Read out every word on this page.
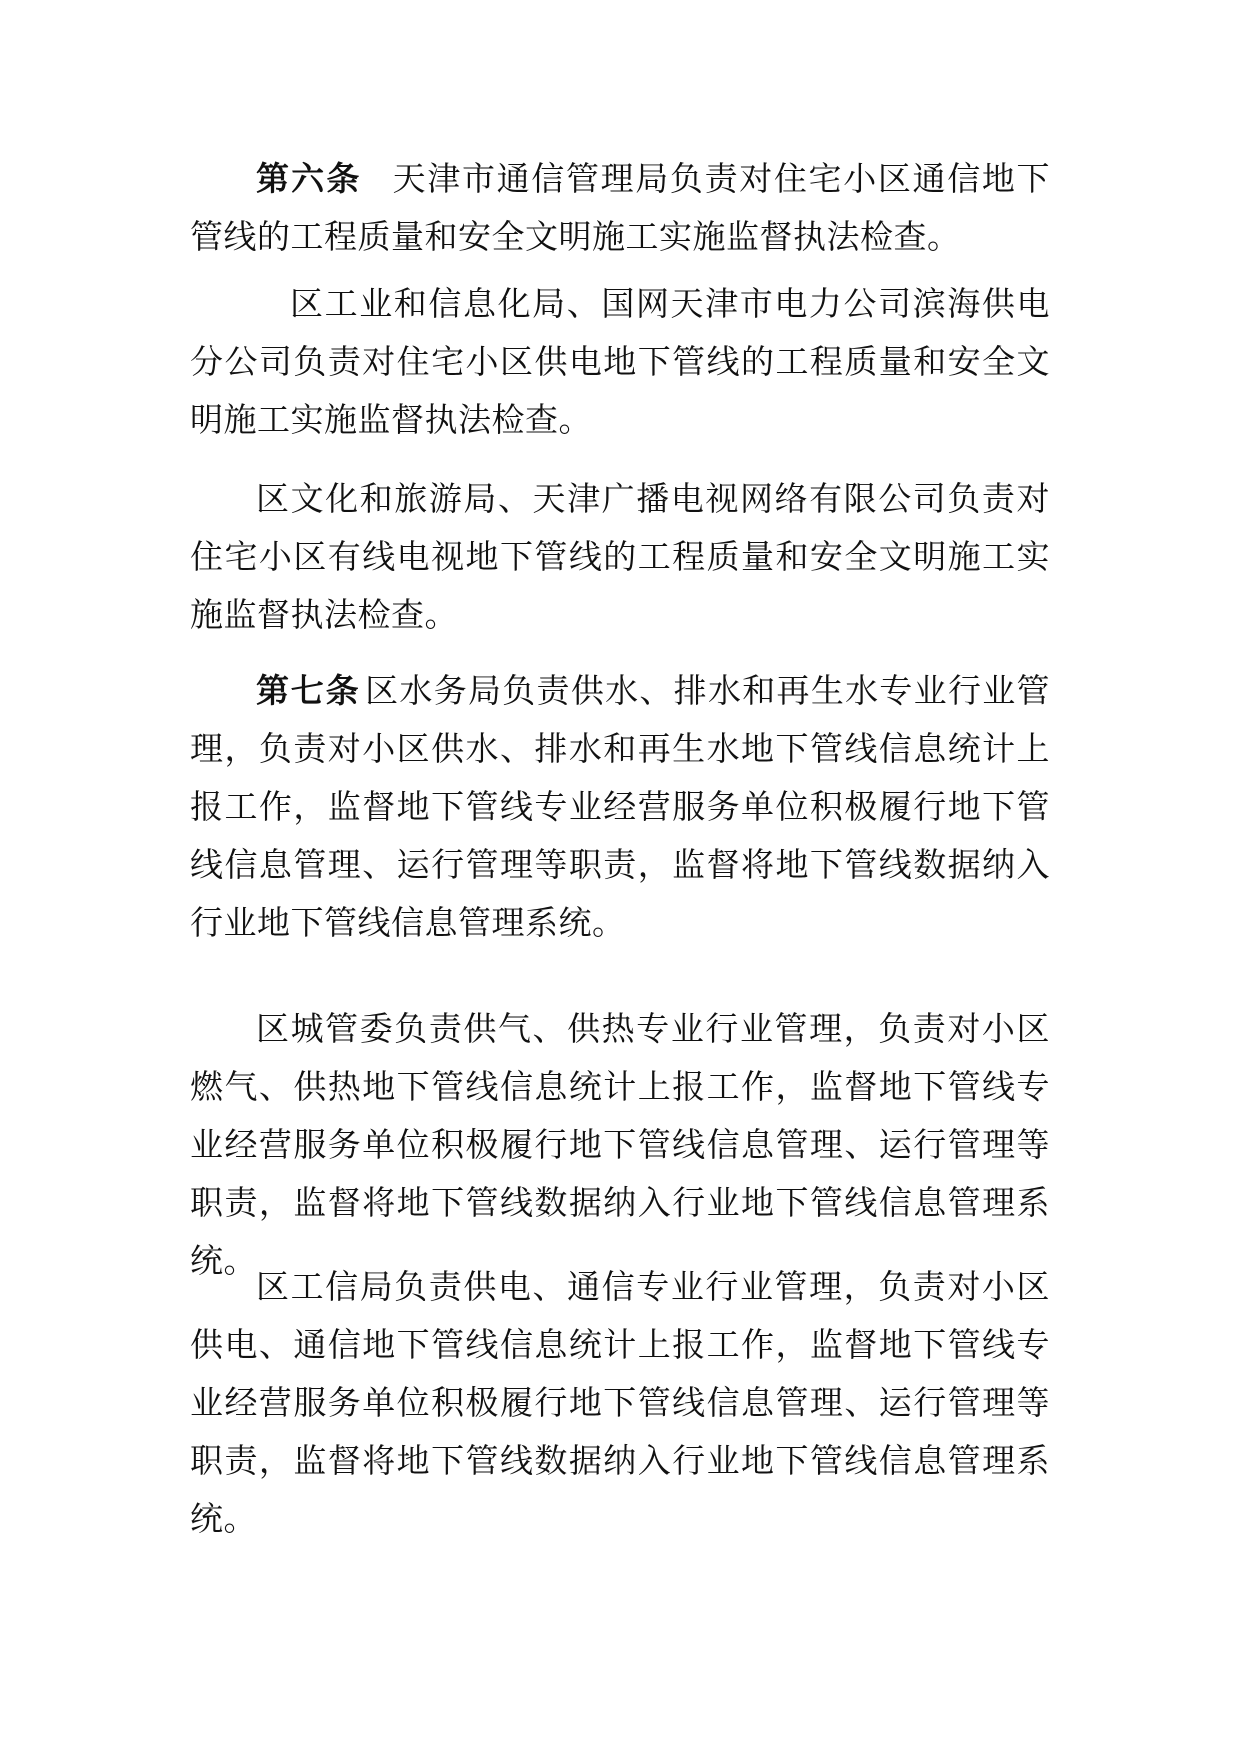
第六条 天津市通信管理局负责对住宅小区通信地下管线的工程质量和安全文明施工实施监督执法检查。

区工业和信息化局、国网天津市电力公司滨海供电分公司负责对住宅小区供电地下管线的工程质量和安全文明施工实施监督执法检查。

区文化和旅游局、天津广播电视网络有限公司负责对住宅小区有线电视地下管线的工程质量和安全文明施工实施监督执法检查。

第七条 区水务局负责供水、排水和再生水专业行业管理，负责对小区供水、排水和再生水地下管线信息统计上报工作，监督地下管线专业经营服务单位积极履行地下管线信息管理、运行管理等职责，监督将地下管线数据纳入行业地下管线信息管理系统。

区城管委负责供气、供热专业行业管理，负责对小区燃气、供热地下管线信息统计上报工作，监督地下管线专业经营服务单位积极履行地下管线信息管理、运行管理等职责，监督将地下管线数据纳入行业地下管线信息管理系统。

区工信局负责供电、通信专业行业管理，负责对小区供电、通信地下管线信息统计上报工作，监督地下管线专业经营服务单位积极履行地下管线信息管理、运行管理等职责，监督将地下管线数据纳入行业地下管线信息管理系统。
